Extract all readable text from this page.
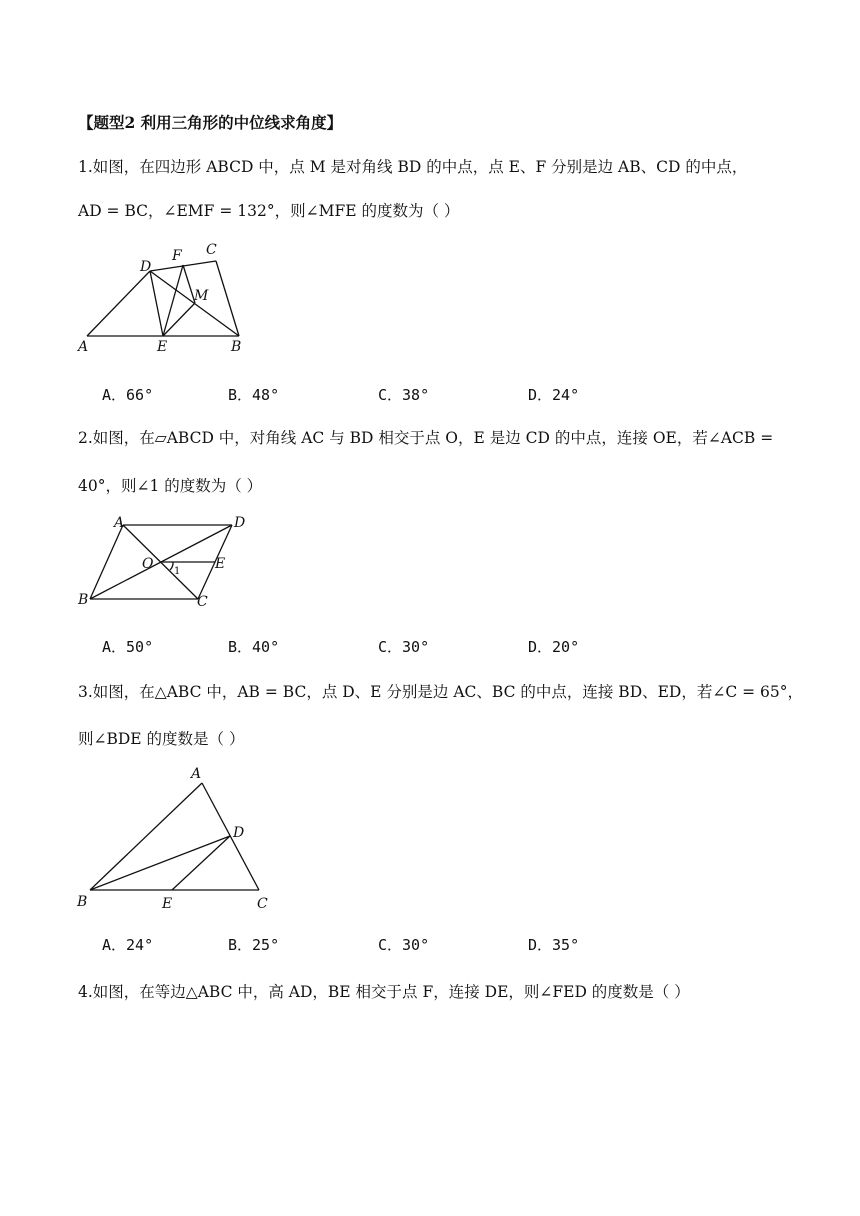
【题型2 利用三角形的中位线求角度】
1.如图，在四边形 ABCD 中，点 M 是对角线 BD 的中点，点 E、F 分别是边 AB、CD 的中点，
AD = BC，∠EMF = 132°，则∠MFE 的度数为（ ）
A	B
C
D
E
F
M
A．66°	B．48°	C．38°	D．24°
2.如图，在▱ABCD 中，对角线 AC 与 BD 相交于点 O，E 是边 CD 的中点，连接 OE，若∠ACB =
40°，则∠1 的度数为（ ）
A
B	C
D
E
O 1
A．50°	B．40°	C．30°	D．20°
3.如图，在△ABC 中，AB = BC，点 D、E 分别是边 AC、BC 的中点，连接 BD、ED，若∠C = 65°，
则∠BDE 的度数是（ ）
A
B	C
D
E
A．24°	B．25°	C．30°	D．35°
4.如图，在等边△ABC 中，高 AD，BE 相交于点 F，连接 DE，则∠FED 的度数是（ ）
